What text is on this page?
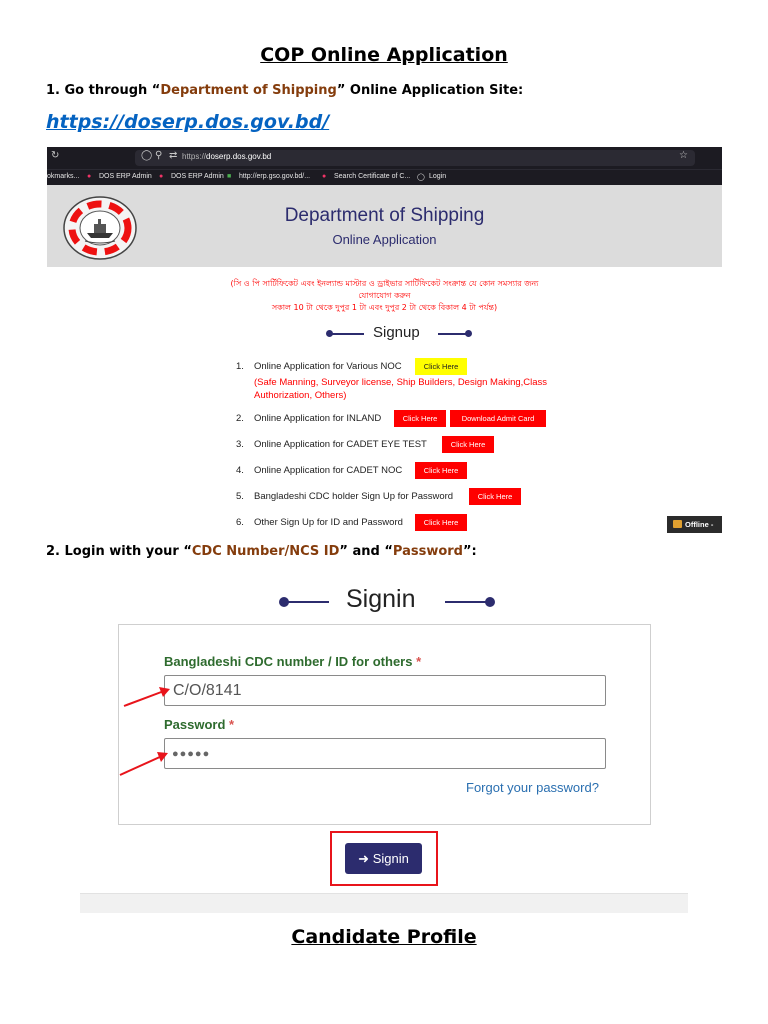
COP Online Application
1. Go through “Department of Shipping” Online Application Site:
https://doserp.dos.gov.bd/
↻	◯ ⚲ ⇄ https://doserp.dos.gov.bd	☆
okmarks... ● DOS ERP Admin ● DOS ERP Admin ■ http://erp.gso.gov.bd/... ● Search Certificate of C... ◯ Login
Department of Shipping
Online Application
(সি ও পি সার্টিফিকেট এবং ইনল্যান্ড মাস্টার ও ড্রাইভার সার্টিফিকেট সংক্রান্ত যে কোন সমস্যার জন্য
যোগাযোগ করুন
সকাল 10 টা থেকে দুপুর 1 টা এবং দুপুর 2 টা থেকে বিকাল 4 টা পর্যন্ত)
Signup
1. Online Application for Various NOC	Click Here
(Safe Manning, Surveyor license, Ship Builders, Design Making,Class
Authorization, Others)
2. Online Application for INLAND	Click Here	Download Admit Card
3. Online Application for CADET EYE TEST	Click Here
4. Online Application for CADET NOC	Click Here
5. Bangladeshi CDC holder Sign Up for Password	Click Here
6. Other Sign Up for ID and Password	Click Here	Offline -
2. Login with your “CDC Number/NCS ID” and “Password”:
Signin
Bangladeshi CDC number / ID for others *
C/O/8141
Password *
●●●●●
Forgot your password?
➜ Signin
Candidate Profile
